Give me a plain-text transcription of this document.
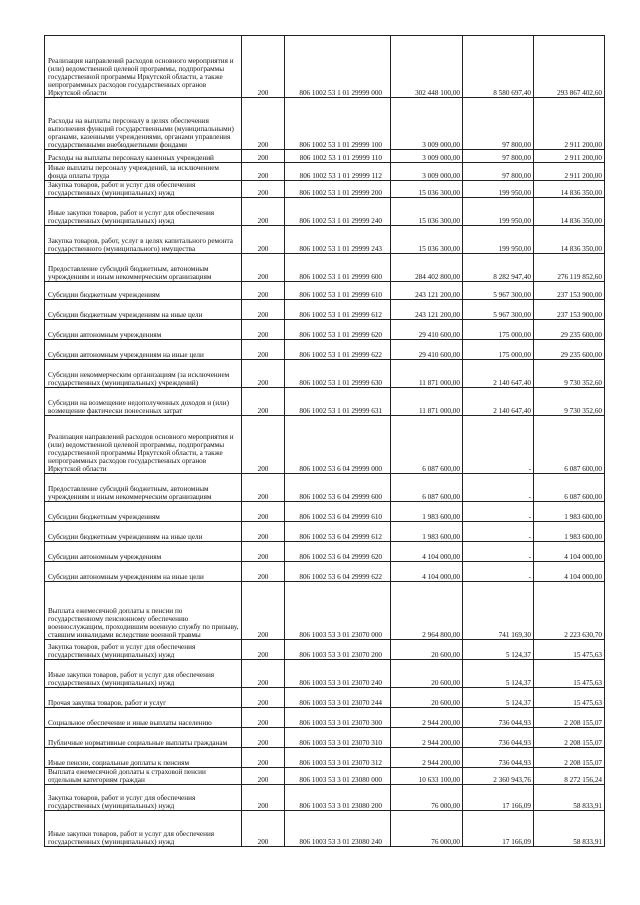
Реализация направлений расходов основного мероприятия и (или) ведомственной целевой программы, подпрограммы государственной программы Иркутской области, а также непрограммных расходов государственных органов Иркутской области	200	806 1002 53 1 01 29999 000	302 448 100,00	8 580 697,40	293 867 402,60
Расходы на выплаты персоналу в целях обеспечения выполнения функций государственными (муниципальными) органами, казенными учреждениями, органами управления государственными внебюджетными фондами	200	806 1002 53 1 01 29999 100	3 009 000,00	97 800,00	2 911 200,00
Расходы на выплаты персоналу казенных учреждений	200	806 1002 53 1 01 29999 110	3 009 000,00	97 800,00	2 911 200,00
Иные выплаты персоналу учреждений, за исключением фонда оплаты труда	200	806 1002 53 1 01 29999 112	3 009 000,00	97 800,00	2 911 200,00
Закупка товаров, работ и услуг для обеспечения государственных (муниципальных) нужд	200	806 1002 53 1 01 29999 200	15 036 300,00	199 950,00	14 836 350,00
Иные закупки товаров, работ и услуг для обеспечения государственных (муниципальных) нужд	200	806 1002 53 1 01 29999 240	15 036 300,00	199 950,00	14 836 350,00
Закупка товаров, работ, услуг в целях капитального ремонта государственного (муниципального) имущества	200	806 1002 53 1 01 29999 243	15 036 300,00	199 950,00	14 836 350,00
Предоставление субсидий бюджетным, автономным учреждениям и иным некоммерческим организациям	200	806 1002 53 1 01 29999 600	284 402 800,00	8 282 947,40	276 119 852,60
Субсидии бюджетным учреждениям	200	806 1002 53 1 01 29999 610	243 121 200,00	5 967 300,00	237 153 900,00
Субсидии бюджетным учреждениям на иные цели	200	806 1002 53 1 01 29999 612	243 121 200,00	5 967 300,00	237 153 900,00
Субсидии автономным учреждениям	200	806 1002 53 1 01 29999 620	29 410 600,00	175 000,00	29 235 600,00
Субсидии автономным учреждениям на иные цели	200	806 1002 53 1 01 29999 622	29 410 600,00	175 000,00	29 235 600,00
Субсидии некоммерческим организациям (за исключением государственных (муниципальных) учреждений)	200	806 1002 53 1 01 29999 630	11 871 000,00	2 140 647,40	9 730 352,60
Субсидии на возмещение недополученных доходов и (или) возмещение фактически понесенных затрат	200	806 1002 53 1 01 29999 631	11 871 000,00	2 140 647,40	9 730 352,60
Реализация направлений расходов основного мероприятия и (или) ведомственной целевой программы, подпрограммы государственной программы Иркутской области, а также непрограммных расходов государственных органов Иркутской области	200	806 1002 53 6 04 29999 000	6 087 600,00	-	6 087 600,00
Предоставление субсидий бюджетным, автономным учреждениям и иным некоммерческим организациям	200	806 1002 53 6 04 29999 600	6 087 600,00	-	6 087 600,00
Субсидии бюджетным учреждениям	200	806 1002 53 6 04 29999 610	1 983 600,00	-	1 983 600,00
Субсидии бюджетным учреждениям на иные цели	200	806 1002 53 6 04 29999 612	1 983 600,00	-	1 983 600,00
Субсидии автономным учреждениям	200	806 1002 53 6 04 29999 620	4 104 000,00	-	4 104 000,00
Субсидии автономным учреждениям на иные цели	200	806 1002 53 6 04 29999 622	4 104 000,00	-	4 104 000,00
Выплата ежемесячной доплаты к пенсии по государственному пенсионному обеспечению военнослужащим, проходившим военную службу по призыву, ставшим инвалидами вследствие военной травмы	200	806 1003 53 3 01 23070 000	2 964 800,00	741 169,30	2 223 630,70
Закупка товаров, работ и услуг для обеспечения государственных (муниципальных) нужд	200	806 1003 53 3 01 23070 200	20 600,00	5 124,37	15 475,63
Иные закупки товаров, работ и услуг для обеспечения государственных (муниципальных) нужд	200	806 1003 53 3 01 23070 240	20 600,00	5 124,37	15 475,63
Прочая закупка товаров, работ и услуг	200	806 1003 53 3 01 23070 244	20 600,00	5 124,37	15 475,63
Социальное обеспечение и иные выплаты населению	200	806 1003 53 3 01 23070 300	2 944 200,00	736 044,93	2 208 155,07
Публичные нормативные социальные выплаты гражданам	200	806 1003 53 3 01 23070 310	2 944 200,00	736 044,93	2 208 155,07
Иные пенсии, социальные доплаты к пенсиям	200	806 1003 53 3 01 23070 312	2 944 200,00	736 044,93	2 208 155,07
Выплата ежемесячной доплаты к страховой пенсии отдельным категориям граждан	200	806 1003 53 3 01 23080 000	10 633 100,00	2 360 943,76	8 272 156,24
Закупка товаров, работ и услуг для обеспечения государственных (муниципальных) нужд	200	806 1003 53 3 01 23080 200	76 000,00	17 166,09	58 833,91
Иные закупки товаров, работ и услуг для обеспечения государственных (муниципальных) нужд	200	806 1003 53 3 01 23080 240	76 000,00	17 166,09	58 833,91
